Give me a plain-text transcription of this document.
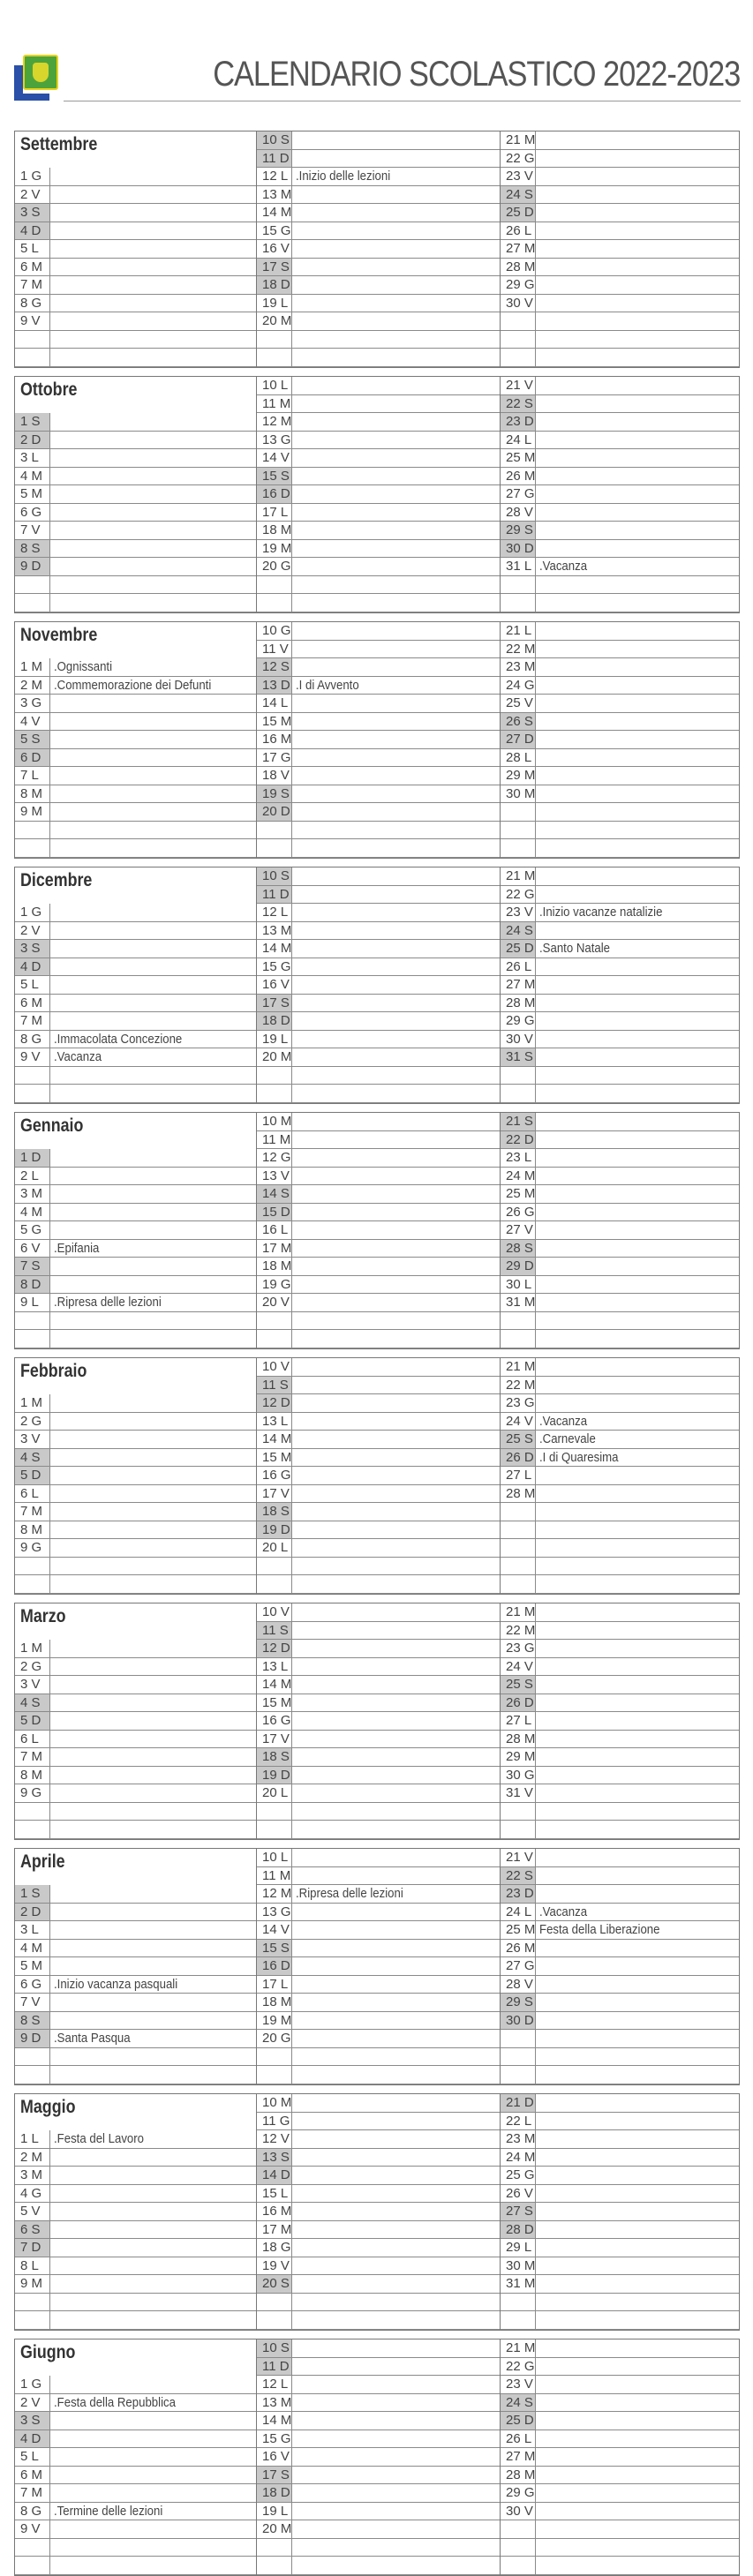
CALENDARIO SCOLASTICO 2022-2023
Settembre
1 G
2 V
3 S
4 D
5 L
6 M
7 M
8 G
9 V
10 S
11 D
.Inizio delle lezioni
12 L
13 M
14 M
15 G
16 V
17 S
18 D
19 L
20 M
21 M
22 G
23 V
24 S
25 D
26 L
27 M
28 M
29 G
30 V
Ottobre
1 S
2 D
3 L
4 M
5 M
6 G
7 V
8 S
9 D
10 L
11 M
12 M
13 G
14 V
15 S
16 D
17 L
18 M
19 M
20 G
21 V
22 S
23 D
24 L
25 M
26 M
27 G
28 V
29 S
30 D
.Vacanza
31 L
Novembre
.Ognissanti
1 M
.Commemorazione dei Defunti
2 M
3 G
4 V
5 S
6 D
7 L
8 M
9 M
10 G
11 V
12 S
.I di Avvento
13 D
14 L
15 M
16 M
17 G
18 V
19 S
20 D
21 L
22 M
23 M
24 G
25 V
26 S
27 D
28 L
29 M
30 M
Dicembre
1 G
2 V
3 S
4 D
5 L
6 M
7 M
.Immacolata Concezione
8 G
.Vacanza
9 V
10 S
11 D
12 L
13 M
14 M
15 G
16 V
17 S
18 D
19 L
20 M
21 M
22 G
.Inizio vacanze natalizie
23 V
24 S
.Santo Natale
25 D
26 L
27 M
28 M
29 G
30 V
31 S
Gennaio
1 D
2 L
3 M
4 M
5 G
.Epifania
6 V
7 S
8 D
.Ripresa delle lezioni
9 L
10 M
11 M
12 G
13 V
14 S
15 D
16 L
17 M
18 M
19 G
20 V
21 S
22 D
23 L
24 M
25 M
26 G
27 V
28 S
29 D
30 L
31 M
Febbraio
1 M
2 G
3 V
4 S
5 D
6 L
7 M
8 M
9 G
10 V
11 S
12 D
13 L
14 M
15 M
16 G
17 V
18 S
19 D
20 L
21 M
22 M
23 G
.Vacanza
24 V
.Carnevale
25 S
.I di Quaresima
26 D
27 L
28 M
Marzo
1 M
2 G
3 V
4 S
5 D
6 L
7 M
8 M
9 G
10 V
11 S
12 D
13 L
14 M
15 M
16 G
17 V
18 S
19 D
20 L
21 M
22 M
23 G
24 V
25 S
26 D
27 L
28 M
29 M
30 G
31 V
Aprile
1 S
2 D
3 L
4 M
5 M
.Inizio vacanza pasquali
6 G
7 V
8 S
.Santa Pasqua
9 D
10 L
11 M
.Ripresa delle lezioni
12 M
13 G
14 V
15 S
16 D
17 L
18 M
19 M
20 G
21 V
22 S
23 D
.Vacanza
24 L
Festa della Liberazione
25 M
26 M
27 G
28 V
29 S
30 D
Maggio
.Festa del Lavoro
1 L
2 M
3 M
4 G
5 V
6 S
7 D
8 L
9 M
10 M
11 G
12 V
13 S
14 D
15 L
16 M
17 M
18 G
19 V
20 S
21 D
22 L
23 M
24 M
25 G
26 V
27 S
28 D
29 L
30 M
31 M
Giugno
1 G
.Festa della Repubblica
2 V
3 S
4 D
5 L
6 M
7 M
.Termine delle lezioni
8 G
9 V
10 S
11 D
12 L
13 M
14 M
15 G
16 V
17 S
18 D
19 L
20 M
21 M
22 G
23 V
24 S
25 D
26 L
27 M
28 M
29 G
30 V
